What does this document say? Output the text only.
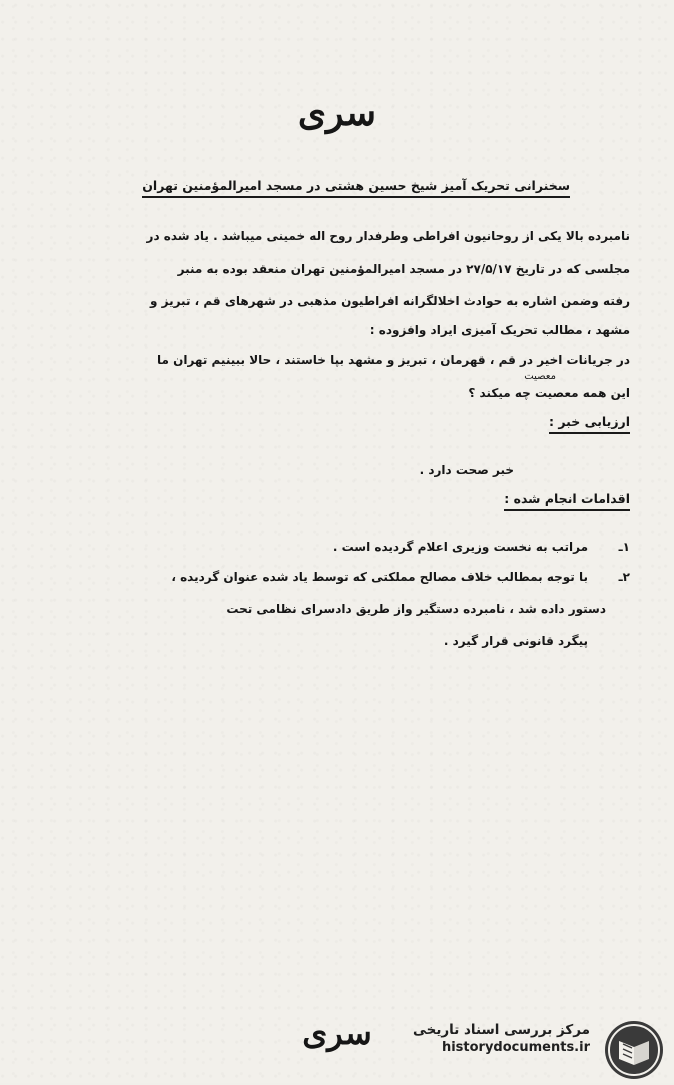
سری
سخنرانی تحریک آمیز شیخ حسین هشتی در مسجد امیرالمؤمنین تهران
نامبرده بالا یکی از روحانیون افراطی وطرفدار روح اله خمینی میباشد . یاد شده در
مجلسی که در تاریخ ۲۷/۵/۱۷ در مسجد امیرالمؤمنین تهران منعقد بوده به منبر
رفته وضمن اشاره به حوادث اخلالگرانه افراطیون مذهبی در شهرهای قم ، تبریز و
مشهد ، مطالب تحریک آمیزی ایراد وافزوده :
در جریانات اخیر در قم ، قهرمان ، تبریز و مشهد بپا خاستند ، حالا ببینیم تهران ما
این همه معصیت چه میکند ؟
معصیت
ارزیابی خبر :
خبر صحت دارد .
اقدامات انجام شده :
۱ـ
مراتب به نخست وزیری اعلام گردیده است .
۲ـ
با توجه بمطالب خلاف مصالح مملکتی که توسط یاد شده عنوان گردیده ،
دستور داده شد ، نامبرده دستگیر واز طریق دادسرای نظامی تحت
پیگرد قانونی قرار گیرد .
سری	مرکز بررسی اسناد تاریخی
historydocuments.ir
